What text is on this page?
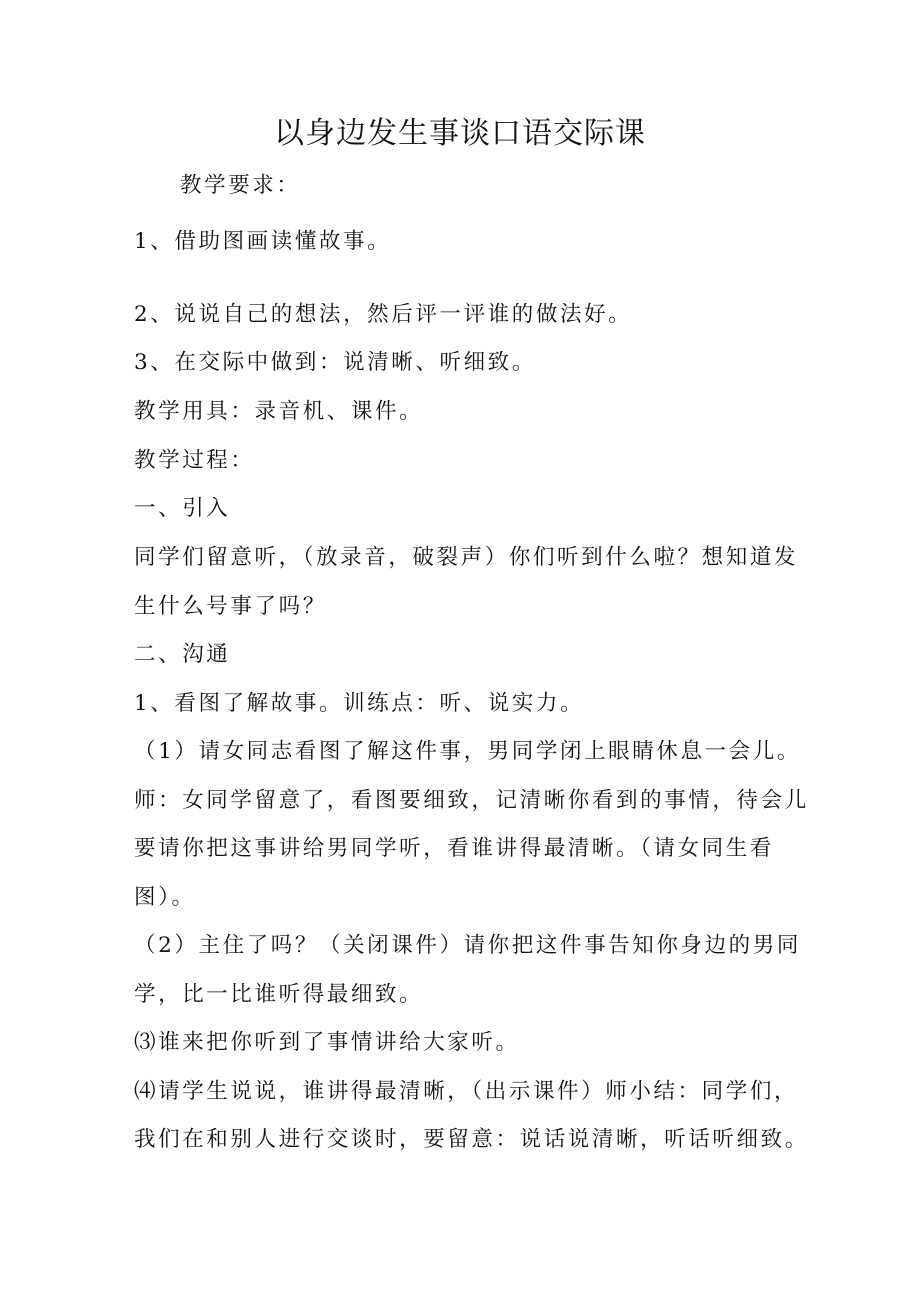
以身边发生事谈口语交际课
教学要求：
1、借助图画读懂故事。
2、说说自己的想法，然后评一评谁的做法好。
3、在交际中做到：说清晰、听细致。
教学用具：录音机、课件。
教学过程：
一、引入
同学们留意听，（放录音，破裂声）你们听到什么啦？想知道发
生什么号事了吗？
二、沟通
1、看图了解故事。训练点：听、说实力。
（1）请女同志看图了解这件事，男同学闭上眼睛休息一会儿。
师：女同学留意了，看图要细致，记清晰你看到的事情，待会儿
要请你把这事讲给男同学听，看谁讲得最清晰。（请女同生看
图）。
（2）主住了吗？（关闭课件）请你把这件事告知你身边的男同
学，比一比谁听得最细致。
⑶谁来把你听到了事情讲给大家听。
⑷请学生说说，谁讲得最清晰，（出示课件）师小结：同学们，
我们在和别人进行交谈时，要留意：说话说清晰，听话听细致。
